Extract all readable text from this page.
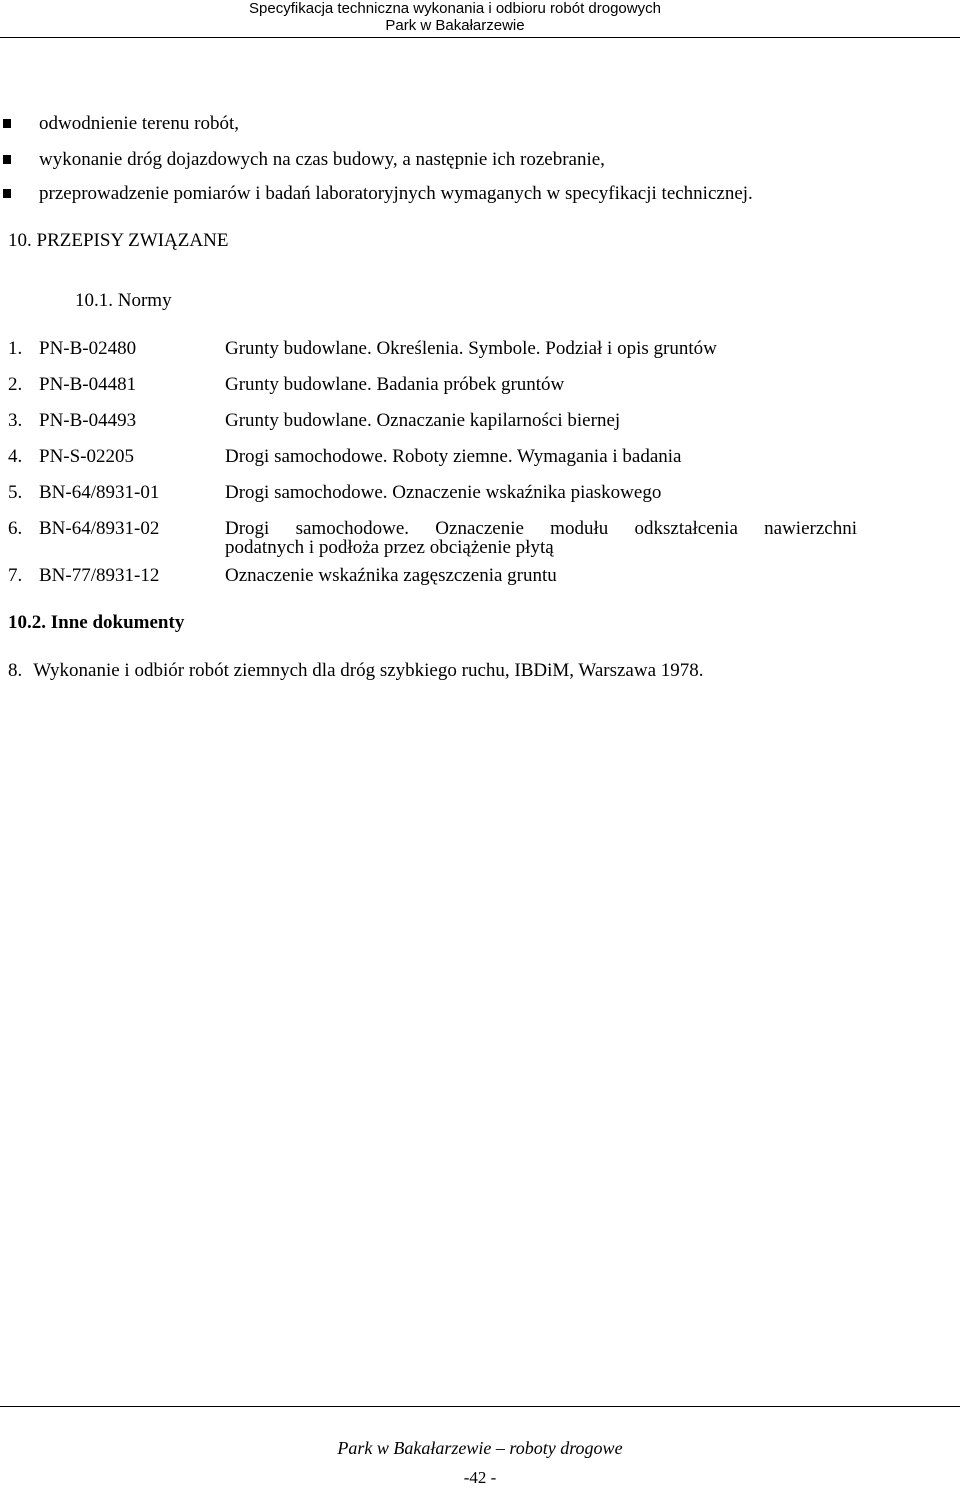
Specyfikacja techniczna wykonania i odbioru robót drogowych
Park w Bakałarzewie
odwodnienie terenu robót,
wykonanie dróg dojazdowych na czas budowy, a następnie ich rozebranie,
przeprowadzenie pomiarów i badań laboratoryjnych wymaganych w specyfikacji technicznej.
10. PRZEPISY ZWIĄZANE
10.1. Normy
1. PN-B-02480	Grunty budowlane. Określenia. Symbole. Podział i opis gruntów
2. PN-B-04481	Grunty budowlane. Badania próbek gruntów
3. PN-B-04493	Grunty budowlane. Oznaczanie kapilarności biernej
4. PN-S-02205	Drogi samochodowe. Roboty ziemne. Wymagania i badania
5. BN-64/8931-01	Drogi samochodowe. Oznaczenie wskaźnika piaskowego
6. BN-64/8931-02	Drogi samochodowe. Oznaczenie modułu odkształcenia nawierzchni
podatnych i podłoża przez obciążenie płytą
7. BN-77/8931-12	Oznaczenie wskaźnika zagęszczenia gruntu
10.2. Inne dokumenty
8. Wykonanie i odbiór robót ziemnych dla dróg szybkiego ruchu, IBDiM, Warszawa 1978.
Park w Bakałarzewie – roboty drogowe
-42 -
